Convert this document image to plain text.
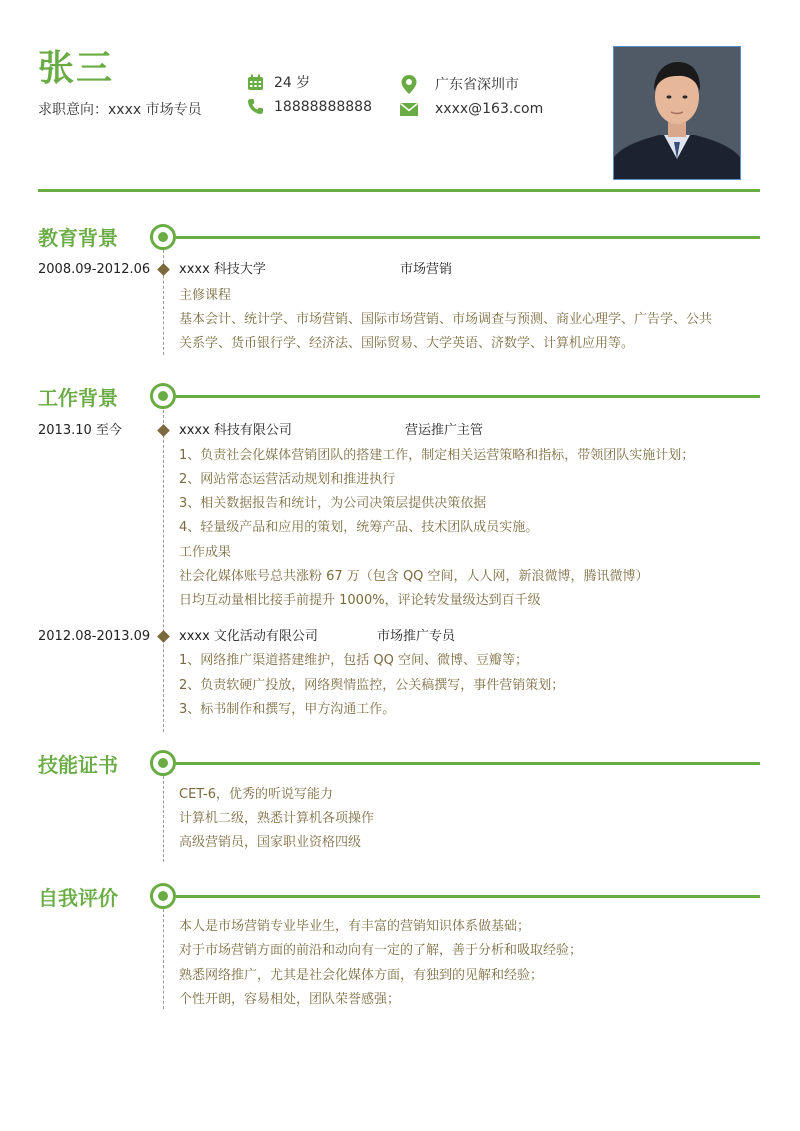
张三
求职意向：xxxx 市场专员
24 岁
18888888888
广东省深圳市
xxxx@163.com
教育背景
2008.09-2012.06 xxxx 科技大学	市场营销
主修课程
基本会计、统计学、市场营销、国际市场营销、市场调查与预测、商业心理学、广告学、公共
关系学、货币银行学、经济法、国际贸易、大学英语、济数学、计算机应用等。
工作背景
2013.10 至今	xxxx 科技有限公司	营运推广主管
1、负责社会化媒体营销团队的搭建工作，制定相关运营策略和指标，带领团队实施计划；
2、网站常态运营活动规划和推进执行
3、相关数据报告和统计，为公司决策层提供决策依据
4、轻量级产品和应用的策划，统筹产品、技术团队成员实施。
工作成果
社会化媒体账号总共涨粉 67 万（包含 QQ 空间，人人网，新浪微博，腾讯微博）
日均互动量相比接手前提升 1000%，评论转发量级达到百千级
2012.08-2013.09 xxxx 文化活动有限公司	市场推广专员
1、网络推广渠道搭建维护，包括 QQ 空间、微博、豆瓣等；
2、负责软硬广投放，网络舆情监控，公关稿撰写，事件营销策划；
3、标书制作和撰写，甲方沟通工作。
技能证书
CET-6，优秀的听说写能力
计算机二级，熟悉计算机各项操作
高级营销员，国家职业资格四级
自我评价
本人是市场营销专业毕业生，有丰富的营销知识体系做基础；
对于市场营销方面的前沿和动向有一定的了解，善于分析和吸取经验；
熟悉网络推广，尤其是社会化媒体方面，有独到的见解和经验；
个性开朗，容易相处，团队荣誉感强；
